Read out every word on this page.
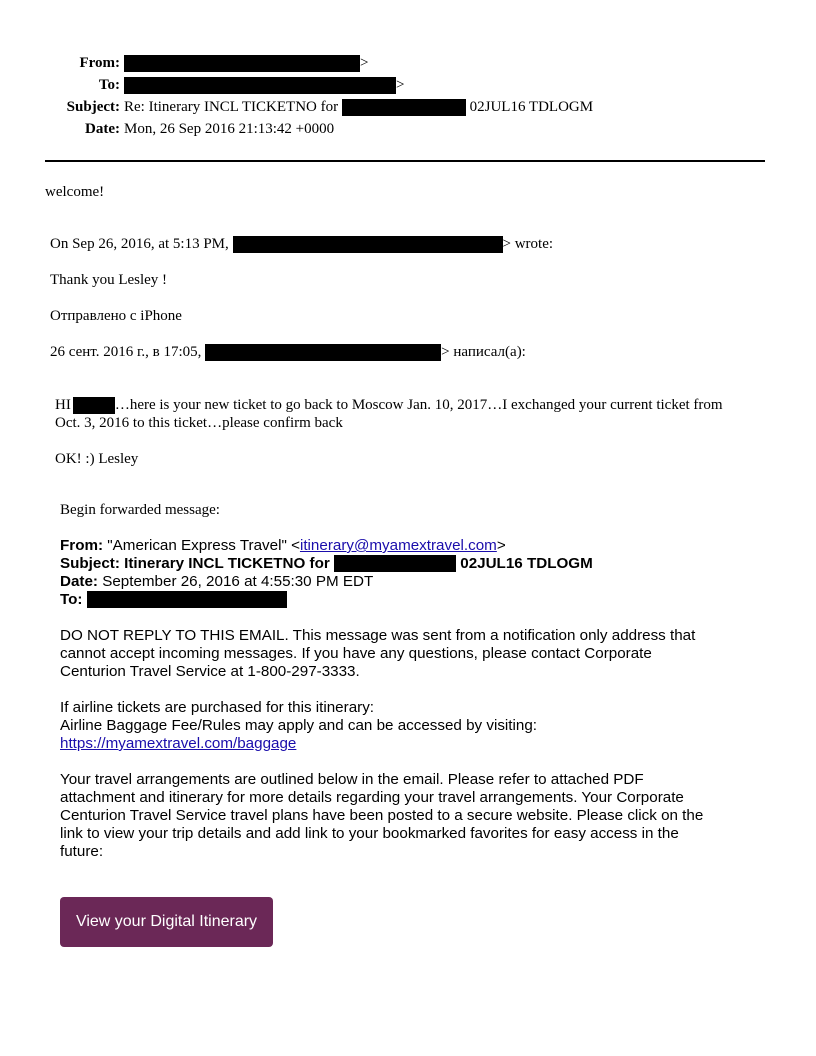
From:	>
To:	>
Subject: Re: Itinerary INCL TICKETNO for	02JUL16 TDLOGM
Date: Mon, 26 Sep 2016 21:13:42 +0000
welcome!
On Sep 26, 2016, at 5:13 PM,	> wrote:
Thank you Lesley !
Отправлено с iPhone
26 сент. 2016 г., в 17:05,	> написал(а):
HI	…here is your new ticket to go back to Moscow Jan. 10, 2017…I exchanged your current ticket from
Oct. 3, 2016 to this ticket…please confirm back
OK! :) Lesley
Begin forwarded message:
From: "American Express Travel" <itinerary@myamextravel.com>
Subject: Itinerary INCL TICKETNO for	02JUL16 TDLOGM
Date: September 26, 2016 at 4:55:30 PM EDT
To:
DO NOT REPLY TO THIS EMAIL. This message was sent from a notification only address that
cannot accept incoming messages. If you have any questions, please contact Corporate
Centurion Travel Service at 1-800-297-3333.
If airline tickets are purchased for this itinerary:
Airline Baggage Fee/Rules may apply and can be accessed by visiting:
https://myamextravel.com/baggage
Your travel arrangements are outlined below in the email. Please refer to attached PDF
attachment and itinerary for more details regarding your travel arrangements. Your Corporate
Centurion Travel Service travel plans have been posted to a secure website. Please click on the
link to view your trip details and add link to your bookmarked favorites for easy access in the
future:
View your Digital Itinerary
